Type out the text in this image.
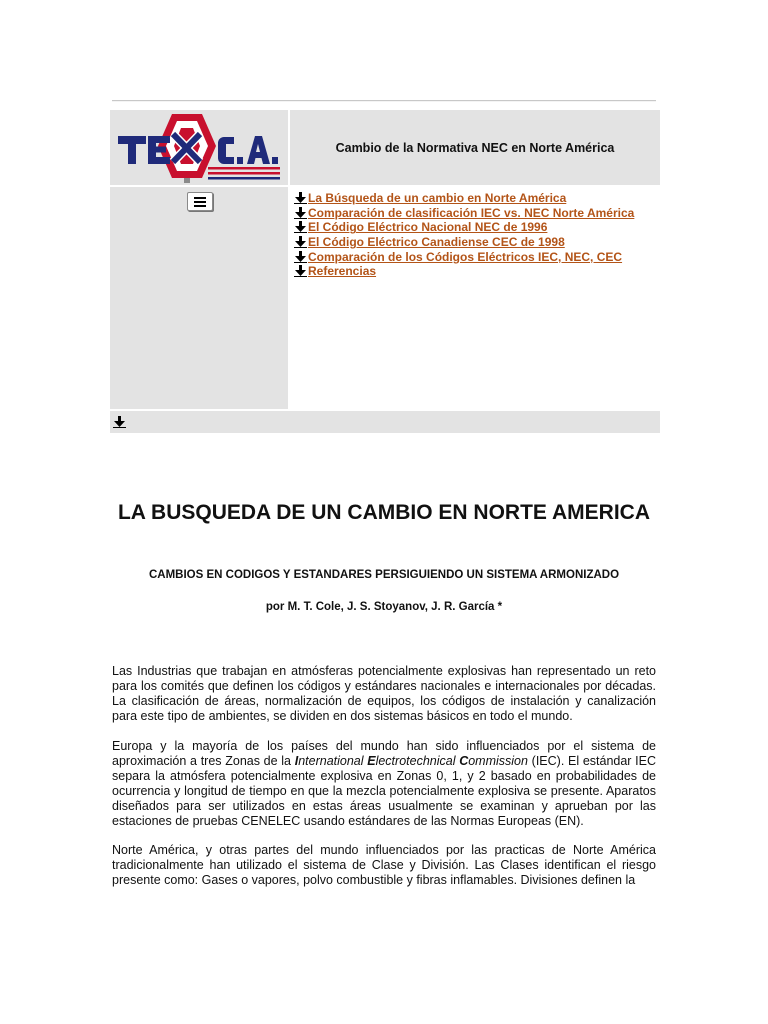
Cambio de la Normativa NEC en Norte América
La Búsqueda de un cambio en Norte América
Comparación de clasificación IEC vs. NEC Norte América
El Código Eléctrico Nacional NEC de 1996
El Código Eléctrico Canadiense CEC de 1998
Comparación de los Códigos Eléctricos IEC, NEC, CEC
Referencias
LA BUSQUEDA DE UN CAMBIO EN NORTE AMERICA

CAMBIOS EN CODIGOS Y ESTANDARES PERSIGUIENDO UN SISTEMA ARMONIZADO

por M. T. Cole, J. S. Stoyanov, J. R. García *

Las Industrias que trabajan en atmósferas potencialmente explosivas han representado un reto para los comités que definen los códigos y estándares nacionales e internacionales por décadas. La clasificación de áreas, normalización de equipos, los códigos de instalación y canalización para este tipo de ambientes, se dividen en dos sistemas básicos en todo el mundo.

Europa y la mayoría de los países del mundo han sido influenciados por el sistema de aproximación a tres Zonas de la International Electrotechnical Commission (IEC). El estándar IEC separa la atmósfera potencialmente explosiva en Zonas 0, 1, y 2 basado en probabilidades de ocurrencia y longitud de tiempo en que la mezcla potencialmente explosiva se presente. Aparatos diseñados para ser utilizados en estas áreas usualmente se examinan y aprueban por las estaciones de pruebas CENELEC usando estándares de las Normas Europeas (EN).

Norte América, y otras partes del mundo influenciados por las practicas de Norte América tradicionalmente han utilizado el sistema de Clase y División. Las Clases identifican el riesgo presente como: Gases o vapores, polvo combustible y fibras inflamables. Divisiones definen la
